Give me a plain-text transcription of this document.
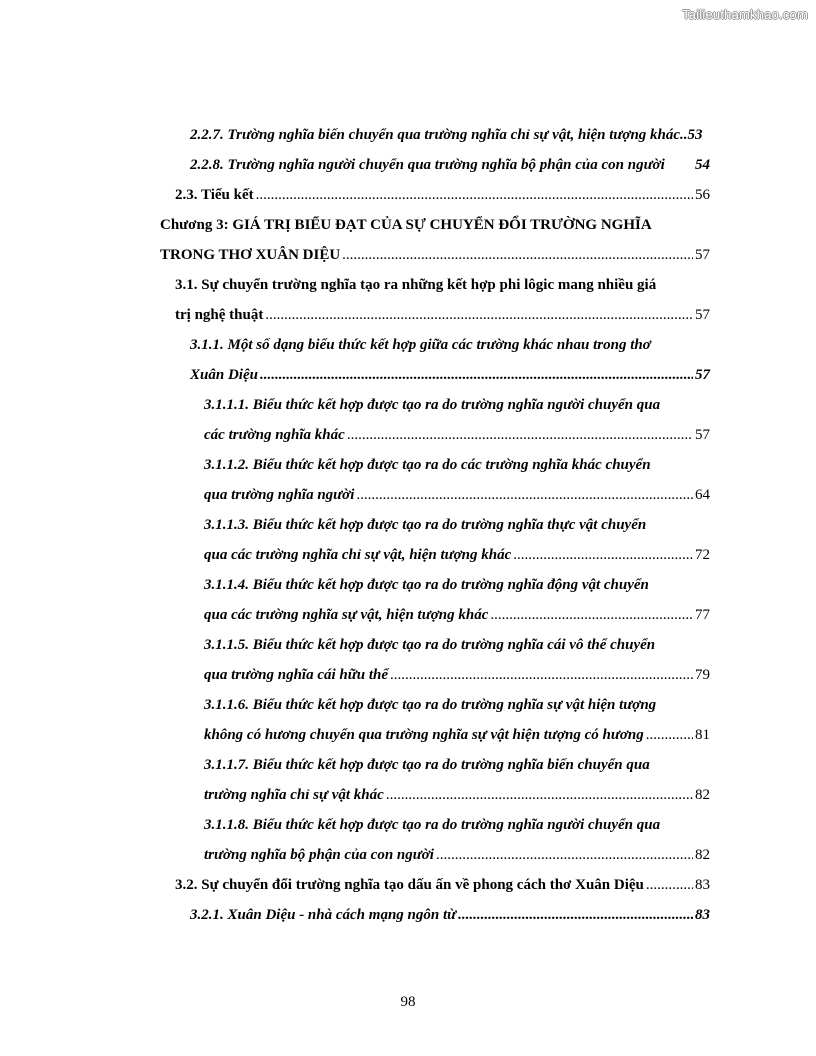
Tailieuthamkhao.com
2.2.7. Trường nghĩa biến chuyển qua trường nghĩa chỉ sự vật, hiện tượng khác.. 53
2.2.8. Trường nghĩa người chuyển qua trường nghĩa bộ phận của con người 54
2.3. Tiểu kết .....	56
Chương 3: GIÁ TRỊ BIỂU ĐẠT CỦA SỰ CHUYỂN ĐỔI TRƯỜNG NGHĨA
TRONG THƠ XUÂN DIỆU .....	57
3.1. Sự chuyển trường nghĩa tạo ra những kết hợp phi lôgic mang nhiều giá
trị nghệ thuật .....	57
3.1.1. Một số dạng biểu thức kết hợp giữa các trường khác nhau trong thơ
Xuân Diệu .....	57
3.1.1.1. Biểu thức kết hợp được tạo ra do trường nghĩa người chuyển qua
các trường nghĩa khác .....	57
3.1.1.2. Biểu thức kết hợp được tạo ra do các trường nghĩa khác chuyển
qua trường nghĩa người .....	64
3.1.1.3. Biểu thức kết hợp được tạo ra do trường nghĩa thực vật chuyển
qua các trường nghĩa chỉ sự vật, hiện tượng khác .....	72
3.1.1.4. Biểu thức kết hợp được tạo ra do trường nghĩa động vật chuyển
qua các trường nghĩa sự vật, hiện tượng khác .....	77
3.1.1.5. Biểu thức kết hợp được tạo ra do trường nghĩa cái vô thể chuyển
qua trường nghĩa cái hữu thể .....	79
3.1.1.6. Biểu thức kết hợp được tạo ra do trường nghĩa sự vật hiện tượng
không có hương chuyển qua trường nghĩa sự vật hiện tượng có hương .....	81
3.1.1.7. Biểu thức kết hợp được tạo ra do trường nghĩa biến chuyển qua
trường nghĩa chỉ sự vật khác .....	82
3.1.1.8. Biểu thức kết hợp được tạo ra do trường nghĩa người chuyển qua
trường nghĩa bộ phận của con người .....	82
3.2. Sự chuyển đổi trường nghĩa tạo dấu ấn về phong cách thơ Xuân Diệu .....	83
3.2.1. Xuân Diệu - nhà cách mạng ngôn từ .....	83
98
